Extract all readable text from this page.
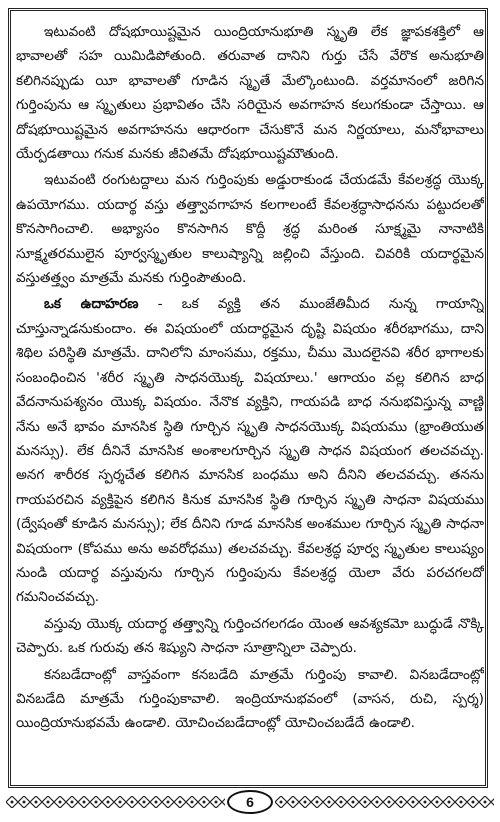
ఇటువంటి దోషభూయిష్టమైన యింద్రియానుభూతి స్మృతి లేక జ్ఞాపకశక్తిలో ఆ భావాలతో సహ యిమిడిపోతుంది. తరువాత దానిని గుర్తు చేసే వేరొక అనుభూతి కలిగినప్పుడు యీ భావాలతో గూడిన స్మృతే మేల్కొంటుంది. వర్తమానంలో జరిగిన గుర్తింపును ఆ స్మృతులు ప్రభావితం చేసి సరియైన అవగాహన కలుగకుండా చేస్తాయి. ఆ దోషభూయిష్టమైన అవగాహనను ఆధారంగా చేసుకొనే మన నిర్ణయాలు, మనోభావాలు యేర్పడతాయి గనుక మనకు జీవితమే దోషభూయిష్టమౌతుంది.

ఇటువంటి రంగుటద్దాలు మన గుర్తింపుకు అడ్డురాకుండ చేయడమే కేవలశ్రద్ధ యొక్క ఉపయోగము. యదార్థ వస్తు తత్త్వావగాహన కలగాలంటే కేవలశ్రద్ధాసాధనను పట్టుదలతో కొనసాగించాలి. అభ్యాసం కొనసాగిన కొద్దీ శ్రద్ధ మరింత సూక్ష్మమై నానాటికి సూక్ష్మతరములైన పూర్వస్మృతుల కాలుష్యాన్ని జల్లించి వేస్తుంది. చివరికి యదార్థమైన వస్తుతత్త్వం మాత్రమే మనకు గుర్తింపౌతుంది.

ఒక ఉదాహరణ - ఒక వ్యక్తి తన ముంజేతిమీద నున్న గాయాన్ని చూస్తున్నాడనుకుందాం. ఈ విషయంలో యదార్థమైన దృష్టి విషయం శరీరభాగము, దాని శిథిల పరిస్థితి మాత్రమే. దానిలోని మాంసము, రక్తము, చీము మొదలైనవి శరీర భాగాలకు సంబంధించిన 'శరీర స్మృతి సాధనయొక్క విషయాలు.' ఆగాయం వల్ల కలిగిన బాధ వేదనానుపశ్యనం యొక్క విషయం. నేనొక వ్యక్తిని, గాయపడి బాధ ననుభవిస్తున్న వాణ్ణి నేను అనే భావం మానసిక స్థితి గూర్చిన స్మృతి సాధనయొక్క విషయము (భ్రాంతియుత మనస్సు). లేక దీనినే మానసిక అంశాలగూర్చిన స్మృతి సాధన విషయంగ తలచవచ్చు. అనగ శారీరక స్పర్శచేత కలిగిన మానసిక బంధము అని దీనిని తలచవచ్చు. తనను గాయపరచిన వ్యక్తిపైన కలిగిన కినుక మానసిక స్థితి గూర్చిన స్మృతి సాధనా విషయము (ద్వేషంతో కూడిన మనస్సు); లేక దీనిని గూడ మానసిక అంశముల గూర్చిన స్మృతి సాధనా విషయంగా (కోపము అను అవరోధము) తలచవచ్చు. కేవలశ్రద్ధ పూర్వ స్మృతుల కాలుష్యం నుండి యదార్థ వస్తువును గూర్చిన గుర్తింపును కేవలశ్రద్ధ యెలా వేరు పరచగలదో గమనించవచ్చు.

వస్తువు యొక్క యదార్థ తత్త్వాన్ని గుర్తించగలగడం యెంత ఆవశ్యకమో బుద్ధుడే నొక్కి చెప్పారు. ఒక గురువు తన శిష్యుని సాధనా సూత్రాన్నిలా చెప్పారు.

కనబడేదాంట్లో వాస్తవంగా కనబడేది మాత్రమే గుర్తింపు కావాలి. వినబడేదాంట్లో వినబడేది మాత్రమే గుర్తింపుకావాలి. ఇంద్రియానుభవంలో (వాసన, రుచి, స్పర్శ) యింద్రియానుభవమే ఉండాలి. యోచించబడేదాంట్లో యోచించబడేదే ఉండాలి.

6
